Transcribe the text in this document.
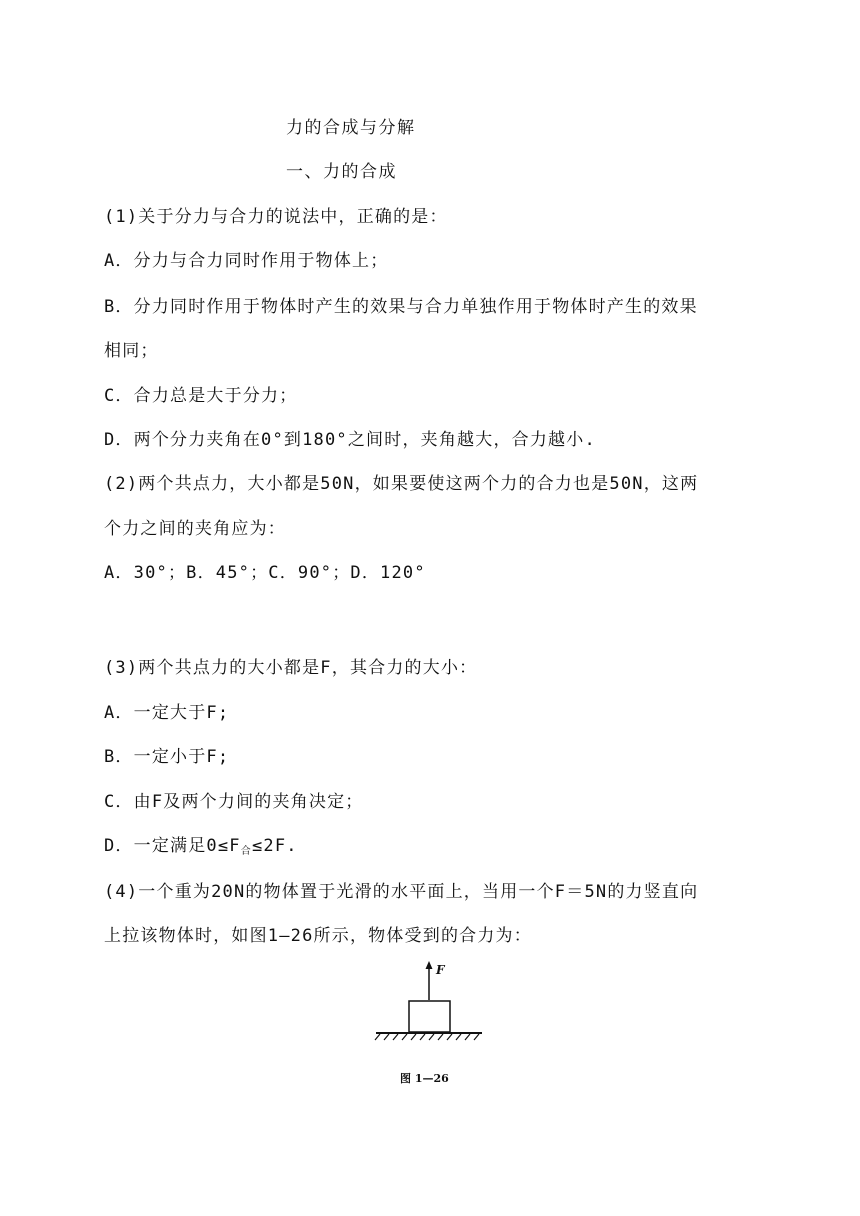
力的合成与分解
一、力的合成
(1)关于分力与合力的说法中，正确的是：
A．分力与合力同时作用于物体上；
B．分力同时作用于物体时产生的效果与合力单独作用于物体时产生的效果
相同；
C．合力总是大于分力；
D．两个分力夹角在0°到180°之间时，夹角越大，合力越小.
(2)两个共点力，大小都是50N，如果要使这两个力的合力也是50N，这两
个力之间的夹角应为：
A．30°；B．45°；C．90°；D．120°
(3)两个共点力的大小都是F，其合力的大小：
A．一定大于F;
B．一定小于F;
C．由F及两个力间的夹角决定；
D．一定满足$0\le F_合\le 2F$.
(4)一个重为20N的物体置于光滑的水平面上，当用一个F＝5N的力竖直向
上拉该物体时，如图1—26所示，物体受到的合力为：
F
图 1—26
